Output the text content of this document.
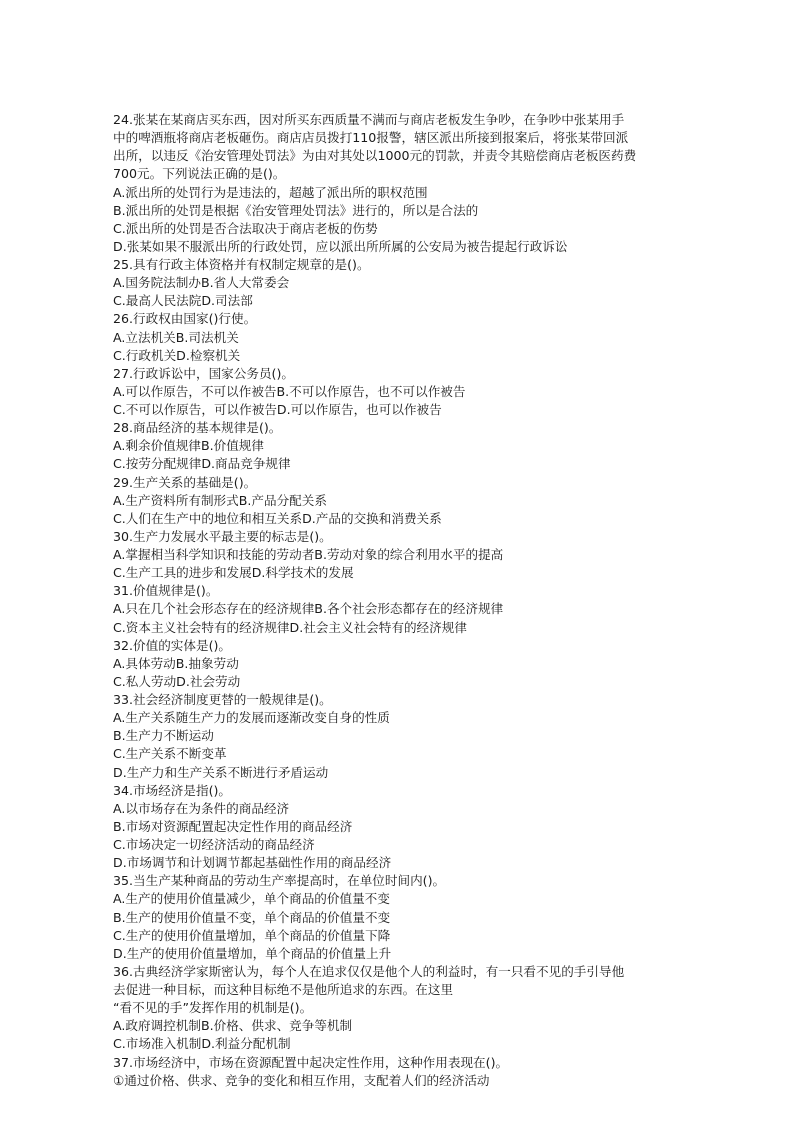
24.张某在某商店买东西，因对所买东西质量不满而与商店老板发生争吵，在争吵中张某用手
中的啤酒瓶将商店老板砸伤。商店店员拨打110报警，辖区派出所接到报案后，将张某带回派
出所，以违反《治安管理处罚法》为由对其处以1000元的罚款，并责令其赔偿商店老板医药费
700元。下列说法正确的是()。
A.派出所的处罚行为是违法的，超越了派出所的职权范围
B.派出所的处罚是根据《治安管理处罚法》进行的，所以是合法的
C.派出所的处罚是否合法取决于商店老板的伤势
D.张某如果不服派出所的行政处罚，应以派出所所属的公安局为被告提起行政诉讼
25.具有行政主体资格并有权制定规章的是()。
A.国务院法制办B.省人大常委会
C.最高人民法院D.司法部
26.行政权由国家()行使。
A.立法机关B.司法机关
C.行政机关D.检察机关
27.行政诉讼中，国家公务员()。
A.可以作原告，不可以作被告B.不可以作原告，也不可以作被告
C.不可以作原告，可以作被告D.可以作原告，也可以作被告
28.商品经济的基本规律是()。
A.剩余价值规律B.价值规律
C.按劳分配规律D.商品竞争规律
29.生产关系的基础是()。
A.生产资料所有制形式B.产品分配关系
C.人们在生产中的地位和相互关系D.产品的交换和消费关系
30.生产力发展水平最主要的标志是()。
A.掌握相当科学知识和技能的劳动者B.劳动对象的综合利用水平的提高
C.生产工具的进步和发展D.科学技术的发展
31.价值规律是()。
A.只在几个社会形态存在的经济规律B.各个社会形态都存在的经济规律
C.资本主义社会特有的经济规律D.社会主义社会特有的经济规律
32.价值的实体是()。
A.具体劳动B.抽象劳动
C.私人劳动D.社会劳动
33.社会经济制度更替的一般规律是()。
A.生产关系随生产力的发展而逐渐改变自身的性质
B.生产力不断运动
C.生产关系不断变革
D.生产力和生产关系不断进行矛盾运动
34.市场经济是指()。
A.以市场存在为条件的商品经济
B.市场对资源配置起决定性作用的商品经济
C.市场决定一切经济活动的商品经济
D.市场调节和计划调节都起基础性作用的商品经济
35.当生产某种商品的劳动生产率提高时，在单位时间内()。
A.生产的使用价值量减少，单个商品的价值量不变
B.生产的使用价值量不变，单个商品的价值量不变
C.生产的使用价值量增加，单个商品的价值量下降
D.生产的使用价值量增加，单个商品的价值量上升
36.古典经济学家斯密认为，每个人在追求仅仅是他个人的利益时，有一只看不见的手引导他
去促进一种目标，而这种目标绝不是他所追求的东西。在这里
“看不见的手”发挥作用的机制是()。
A.政府调控机制B.价格、供求、竞争等机制
C.市场准入机制D.利益分配机制
37.市场经济中，市场在资源配置中起决定性作用，这种作用表现在()。
①通过价格、供求、竞争的变化和相互作用，支配着人们的经济活动
